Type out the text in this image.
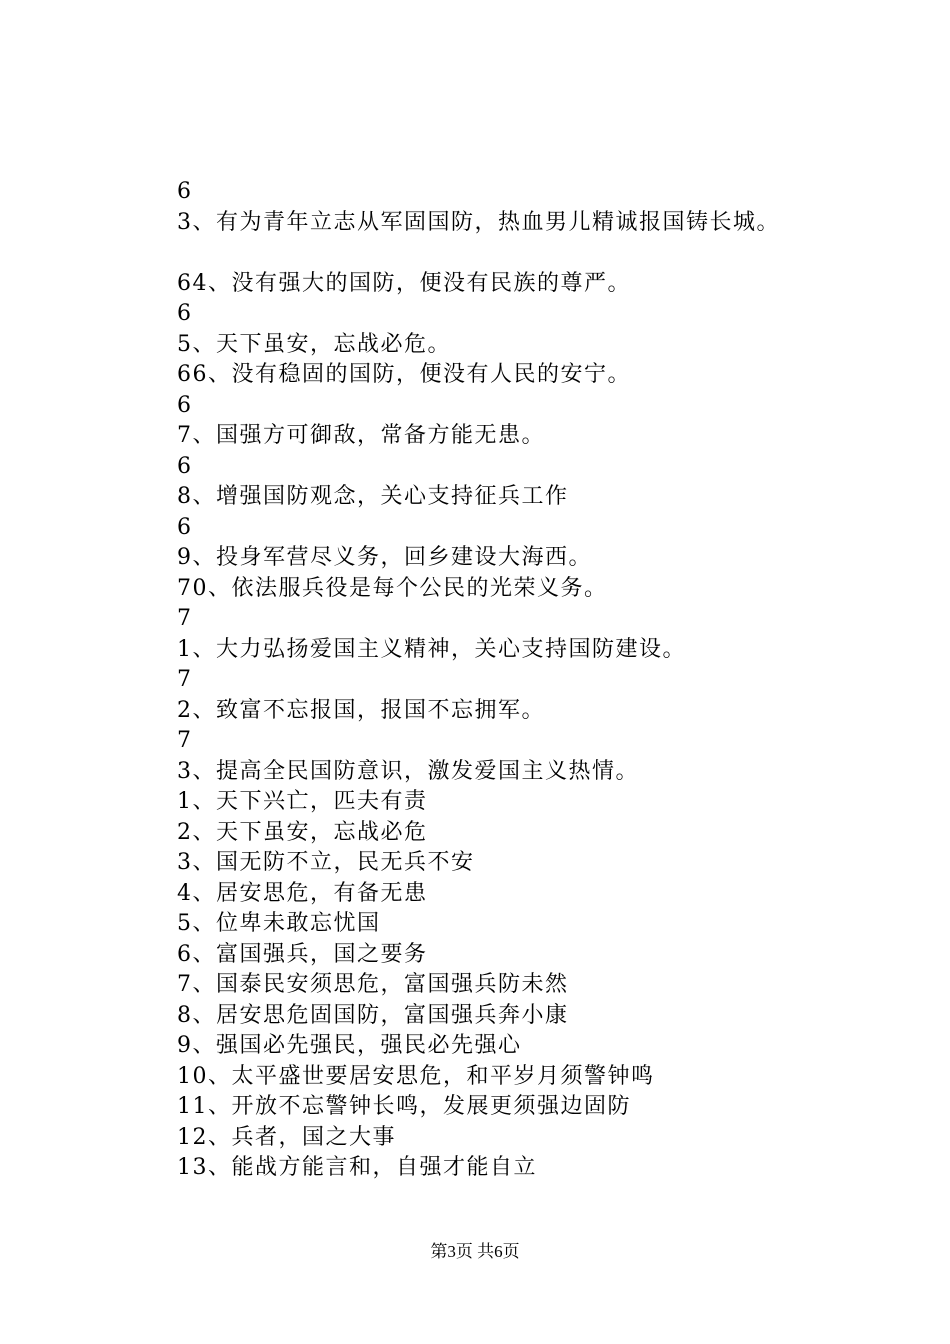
6
3、有为青年立志从军固国防，热血男儿精诚报国铸长城。
64、没有强大的国防，便没有民族的尊严。
6
5、天下虽安，忘战必危。
66、没有稳固的国防，便没有人民的安宁。
6
7、国强方可御敌，常备方能无患。
6
8、增强国防观念，关心支持征兵工作
6
9、投身军营尽义务，回乡建设大海西。
70、依法服兵役是每个公民的光荣义务。
7
1、大力弘扬爱国主义精神，关心支持国防建设。
7
2、致富不忘报国，报国不忘拥军。
7
3、提高全民国防意识，激发爱国主义热情。
1、天下兴亡，匹夫有责
2、天下虽安，忘战必危
3、国无防不立，民无兵不安
4、居安思危，有备无患
5、位卑未敢忘忧国
6、富国强兵，国之要务
7、国泰民安须思危，富国强兵防未然
8、居安思危固国防，富国强兵奔小康
9、强国必先强民，强民必先强心
10、太平盛世要居安思危，和平岁月须警钟鸣
11、开放不忘警钟长鸣，发展更须强边固防
12、兵者，国之大事
13、能战方能言和，自强才能自立
第3页 共6页
